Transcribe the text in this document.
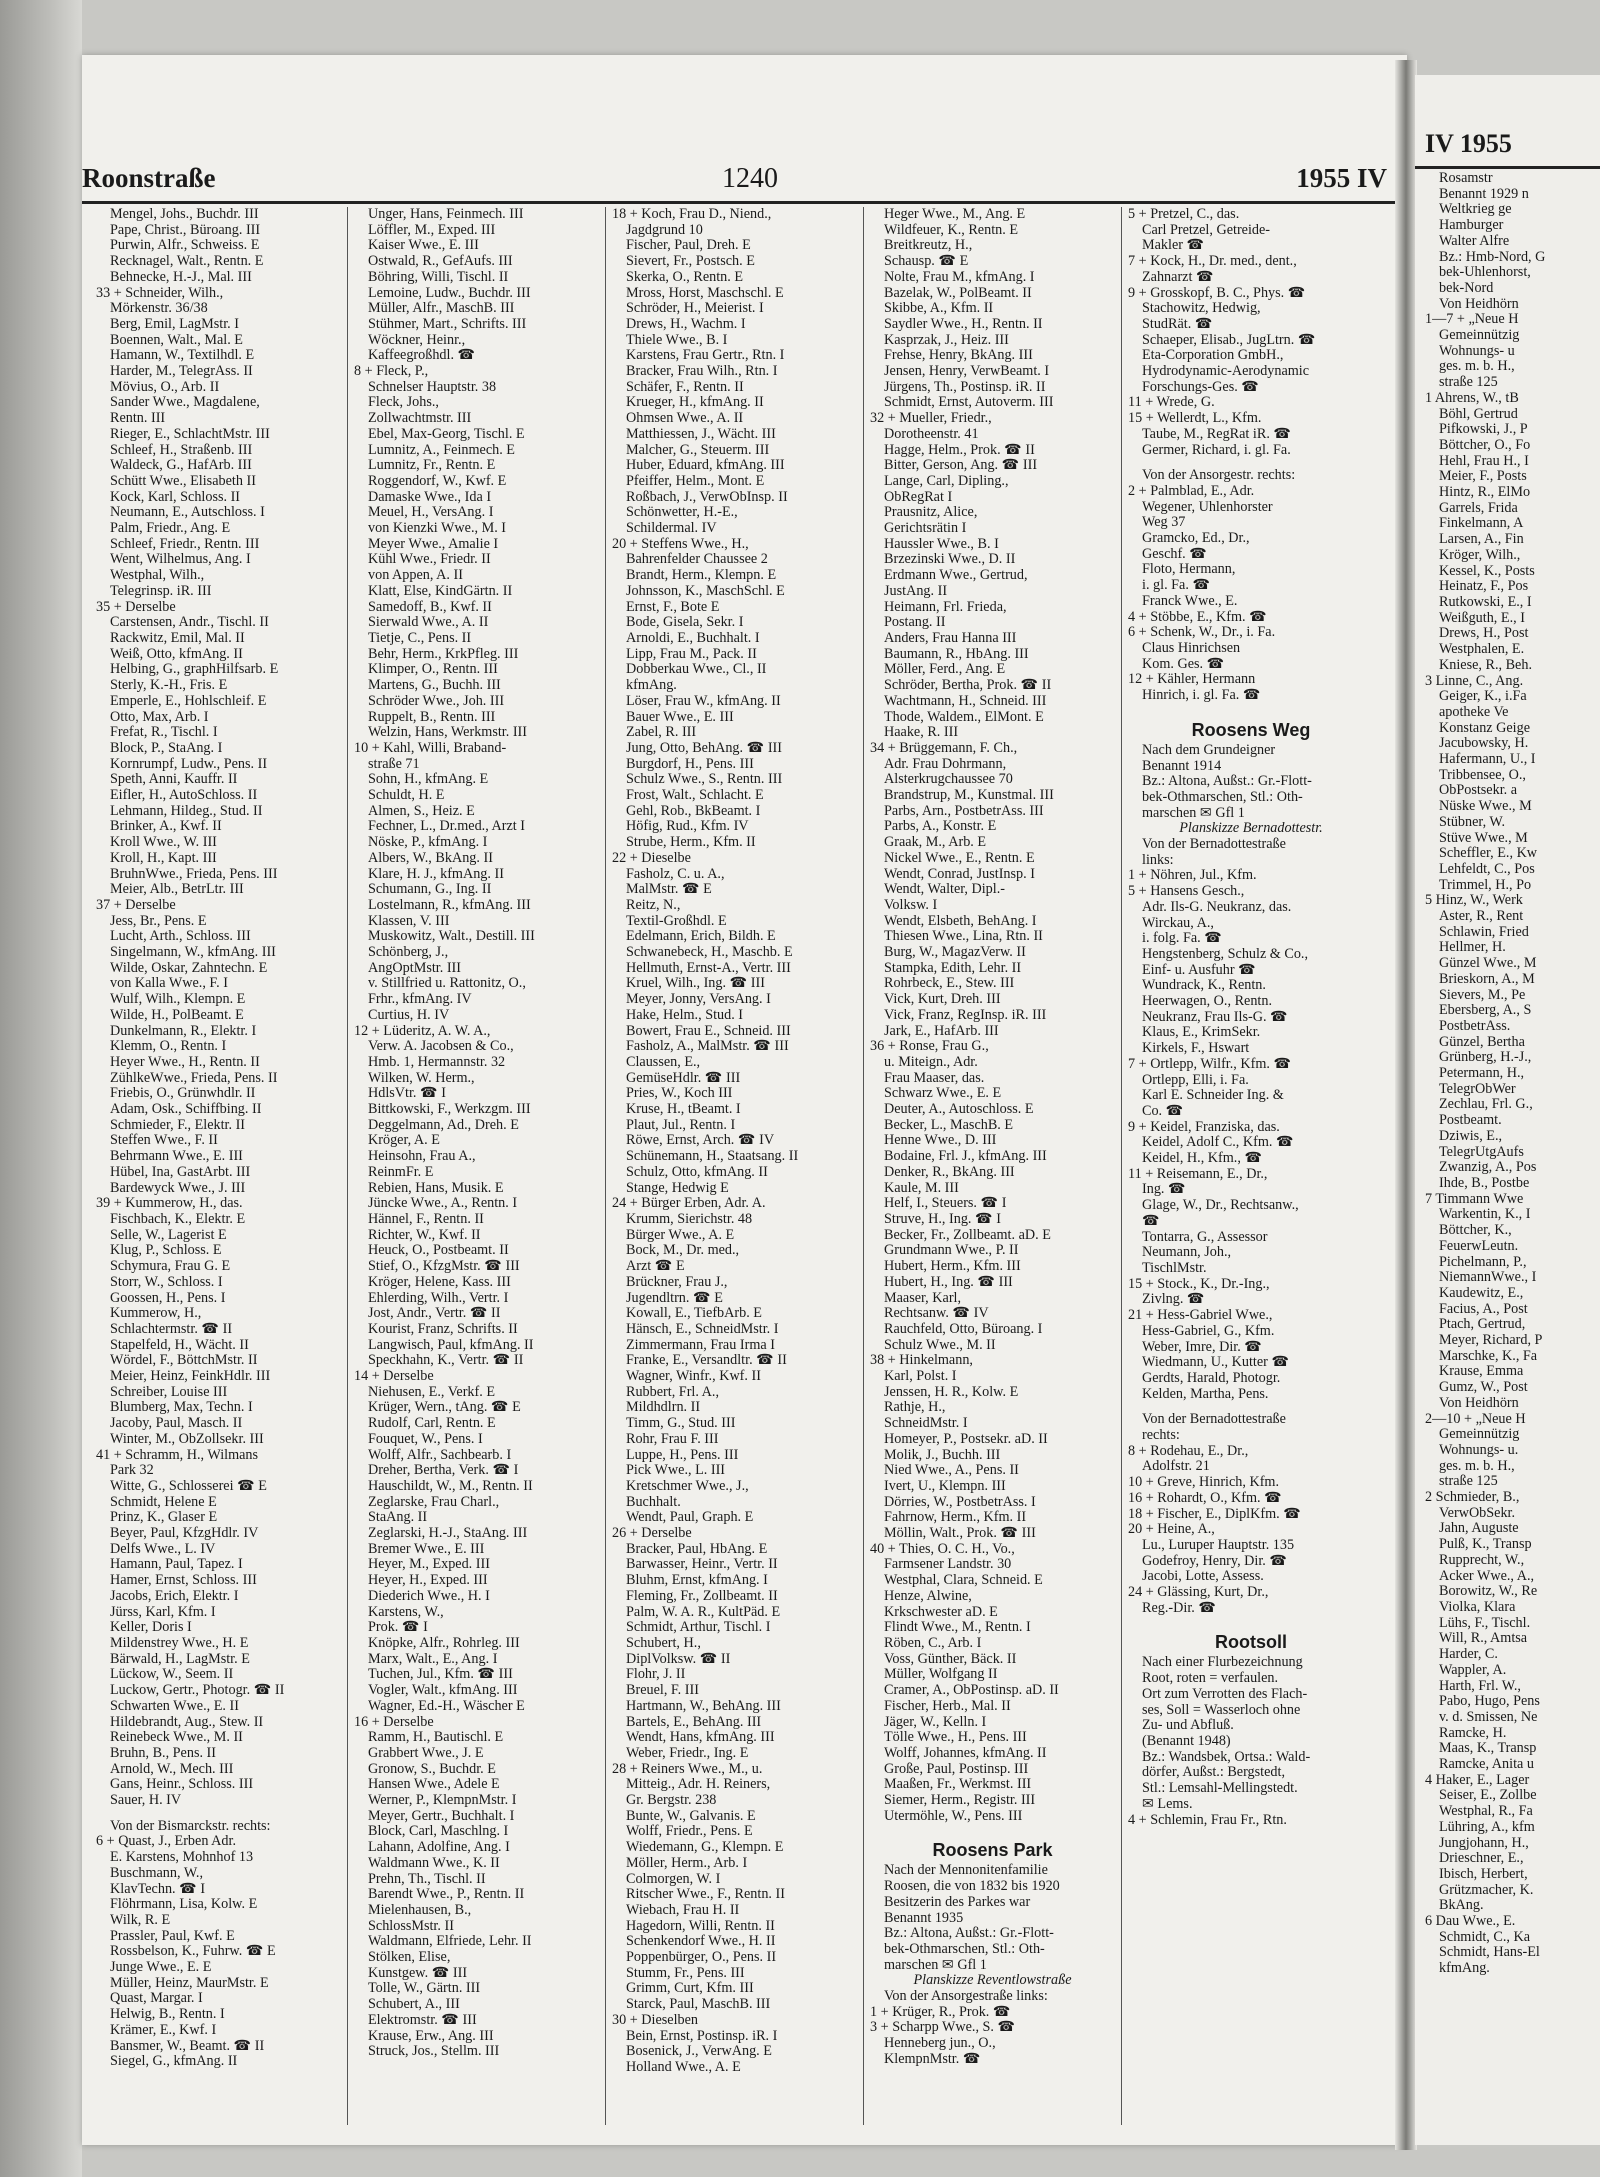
Roonstraße	1240	1955 IV
Mengel, Johs., Buchdr. III
Pape, Christ., Büroang. III
Purwin, Alfr., Schweiss. E
Recknagel, Walt., Rentn. E
Behnecke, H.-J., Mal. III
33 + Schneider, Wilh.,
Mörkenstr. 36/38
Berg, Emil, LagMstr. I
Boennen, Walt., Mal. E
Hamann, W., Textilhdl. E
Harder, M., TelegrAss. II
Mövius, O., Arb. II
Sander Wwe., Magdalene,
Rentn. III
Rieger, E., SchlachtMstr. III
Schleef, H., Straßenb. III
Waldeck, G., HafArb. III
Schütt Wwe., Elisabeth II
Kock, Karl, Schloss. II
Neumann, E., Autschloss. I
Palm, Friedr., Ang. E
Schleef, Friedr., Rentn. III
Went, Wilhelmus, Ang. I
Westphal, Wilh.,
Telegrinsp. iR. III
35 + Derselbe
Carstensen, Andr., Tischl. II
Rackwitz, Emil, Mal. II
Weiß, Otto, kfmAng. II
Helbing, G., graphHilfsarb. E
Sterly, K.-H., Fris. E
Emperle, E., Hohlschleif. E
Otto, Max, Arb. I
Frefat, R., Tischl. I
Block, P., StaAng. I
Kornrumpf, Ludw., Pens. II
Speth, Anni, Kauffr. II
Eifler, H., AutoSchloss. II
Lehmann, Hildeg., Stud. II
Brinker, A., Kwf. II
Kroll Wwe., W. III
Kroll, H., Kapt. III
BruhnWwe., Frieda, Pens. III
Meier, Alb., BetrLtr. III
37 + Derselbe
Jess, Br., Pens. E
Lucht, Arth., Schloss. III
Singelmann, W., kfmAng. III
Wilde, Oskar, Zahntechn. E
von Kalla Wwe., F. I
Wulf, Wilh., Klempn. E
Wilde, H., PolBeamt. E
Dunkelmann, R., Elektr. I
Klemm, O., Rentn. I
Heyer Wwe., H., Rentn. II
ZühlkeWwe., Frieda, Pens. II
Friebis, O., Grünwhdlr. II
Adam, Osk., Schiffbing. II
Schmieder, F., Elektr. II
Steffen Wwe., F. II
Behrmann Wwe., E. III
Hübel, Ina, GastArbt. III
Bardewyck Wwe., J. III
39 + Kummerow, H., das.
Fischbach, K., Elektr. E
Selle, W., Lagerist E
Klug, P., Schloss. E
Schymura, Frau G. E
Storr, W., Schloss. I
Goossen, H., Pens. I
Kummerow, H.,
Schlachtermstr. ☎ II
Stapelfeld, H., Wächt. II
Wördel, F., BöttchMstr. II
Meier, Heinz, FeinkHdlr. III
Schreiber, Louise III
Blumberg, Max, Techn. I
Jacoby, Paul, Masch. II
Winter, M., ObZollsekr. III
41 + Schramm, H., Wilmans
Park 32
Witte, G., Schlosserei ☎ E
Schmidt, Helene E
Prinz, K., Glaser E
Beyer, Paul, KfzgHdlr. IV
Delfs Wwe., L. IV
Hamann, Paul, Tapez. I
Hamer, Ernst, Schloss. III
Jacobs, Erich, Elektr. I
Jürss, Karl, Kfm. I
Keller, Doris I
Mildenstrey Wwe., H. E
Bärwald, H., LagMstr. E
Lückow, W., Seem. II
Luckow, Gertr., Photogr. ☎ II
Schwarten Wwe., E. II
Hildebrandt, Aug., Stew. II
Reinebeck Wwe., M. II
Bruhn, B., Pens. II
Arnold, W., Mech. III
Gans, Heinr., Schloss. III
Sauer, H. IV
Von der Bismarckstr. rechts:
6 + Quast, J., Erben Adr.
E. Karstens, Mohnhof 13
Buschmann, W.,
KlavTechn. ☎ I
Flöhrmann, Lisa, Kolw. E
Wilk, R. E
Prassler, Paul, Kwf. E
Rossbelson, K., Fuhrw. ☎ E
Junge Wwe., E. E
Müller, Heinz, MaurMstr. E
Quast, Margar. I
Helwig, B., Rentn. I
Krämer, E., Kwf. I
Bansmer, W., Beamt. ☎ II
Siegel, G., kfmAng. II
Unger, Hans, Feinmech. III
Löffler, M., Exped. III
Kaiser Wwe., E. III
Ostwald, R., GefAufs. III
Böhring, Willi, Tischl. II
Lemoine, Ludw., Buchdr. III
Müller, Alfr., MaschB. III
Stühmer, Mart., Schrifts. III
Wöckner, Heinr.,
Kaffeegroßhdl. ☎
8 + Fleck, P.,
Schnelser Hauptstr. 38
Fleck, Johs.,
Zollwachtmstr. III
Ebel, Max-Georg, Tischl. E
Lumnitz, A., Feinmech. E
Lumnitz, Fr., Rentn. E
Roggendorf, W., Kwf. E
Damaske Wwe., Ida I
Meuel, H., VersAng. I
von Kienzki Wwe., M. I
Meyer Wwe., Amalie I
Kühl Wwe., Friedr. II
von Appen, A. II
Klatt, Else, KindGärtn. II
Samedoff, B., Kwf. II
Sierwald Wwe., A. II
Tietje, C., Pens. II
Behr, Herm., KrkPfleg. III
Klimper, O., Rentn. III
Martens, G., Buchh. III
Schröder Wwe., Joh. III
Ruppelt, B., Rentn. III
Welzin, Hans, Werkmstr. III
10 + Kahl, Willi, Braband-
straße 71
Sohn, H., kfmAng. E
Schuldt, H. E
Almen, S., Heiz. E
Fechner, L., Dr.med., Arzt I
Nöske, P., kfmAng. I
Albers, W., BkAng. II
Klare, H. J., kfmAng. II
Schumann, G., Ing. II
Lostelmann, R., kfmAng. III
Klassen, V. III
Muskowitz, Walt., Destill. III
Schönberg, J.,
AngOptMstr. III
v. Stillfried u. Rattonitz, O.,
Frhr., kfmAng. IV
Curtius, H. IV
12 + Lüderitz, A. W. A.,
Verw. A. Jacobsen & Co.,
Hmb. 1, Hermannstr. 32
Wilken, W. Herm.,
HdlsVtr. ☎ I
Bittkowski, F., Werkzgm. III
Deggelmann, Ad., Dreh. E
Kröger, A. E
Heinsohn, Frau A.,
ReinmFr. E
Rebien, Hans, Musik. E
Jüncke Wwe., A., Rentn. I
Hännel, F., Rentn. II
Richter, W., Kwf. II
Heuck, O., Postbeamt. II
Stief, O., KfzgMstr. ☎ III
Kröger, Helene, Kass. III
Ehlerding, Wilh., Vertr. I
Jost, Andr., Vertr. ☎ II
Kourist, Franz, Schrifts. II
Langwisch, Paul, kfmAng. II
Speckhahn, K., Vertr. ☎ II
14 + Derselbe
Niehusen, E., Verkf. E
Krüger, Wern., tAng. ☎ E
Rudolf, Carl, Rentn. E
Fouquet, W., Pens. I
Wolff, Alfr., Sachbearb. I
Dreher, Bertha, Verk. ☎ I
Hauschildt, W., M., Rentn. II
Zeglarske, Frau Charl.,
StaAng. II
Zeglarski, H.-J., StaAng. III
Bremer Wwe., E. III
Heyer, M., Exped. III
Heyer, H., Exped. III
Diederich Wwe., H. I
Karstens, W.,
Prok. ☎ I
Knöpke, Alfr., Rohrleg. III
Marx, Walt., E., Ang. I
Tuchen, Jul., Kfm. ☎ III
Vogler, Walt., kfmAng. III
Wagner, Ed.-H., Wäscher E
16 + Derselbe
Ramm, H., Bautischl. E
Grabbert Wwe., J. E
Gronow, S., Buchdr. E
Hansen Wwe., Adele E
Werner, P., KlempnMstr. I
Meyer, Gertr., Buchhalt. I
Block, Carl, Maschlng. I
Lahann, Adolfine, Ang. I
Waldmann Wwe., K. II
Prehn, Th., Tischl. II
Barendt Wwe., P., Rentn. II
Mielenhausen, B.,
SchlossMstr. II
Waldmann, Elfriede, Lehr. II
Stölken, Elise,
Kunstgew. ☎ III
Tolle, W., Gärtn. III
Schubert, A., III
Elektromstr. ☎ III
Krause, Erw., Ang. III
Struck, Jos., Stellm. III
18 + Koch, Frau D., Niend.,
Jagdgrund 10
Fischer, Paul, Dreh. E
Sievert, Fr., Postsch. E
Skerka, O., Rentn. E
Mross, Horst, Maschschl. E
Schröder, H., Meierist. I
Drews, H., Wachm. I
Thiele Wwe., B. I
Karstens, Frau Gertr., Rtn. I
Bracker, Frau Wilh., Rtn. I
Schäfer, F., Rentn. II
Krueger, H., kfmAng. II
Ohmsen Wwe., A. II
Matthiessen, J., Wächt. III
Malcher, G., Steuerm. III
Huber, Eduard, kfmAng. III
Pfeiffer, Helm., Mont. E
Roßbach, J., VerwObInsp. II
Schönwetter, H.-E.,
Schildermal. IV
20 + Steffens Wwe., H.,
Bahrenfelder Chaussee 2
Brandt, Herm., Klempn. E
Johnsson, K., MaschSchl. E
Ernst, F., Bote E
Bode, Gisela, Sekr. I
Arnoldi, E., Buchhalt. I
Lipp, Frau M., Pack. II
Dobberkau Wwe., Cl., II
kfmAng.
Löser, Frau W., kfmAng. II
Bauer Wwe., E. III
Zabel, R. III
Jung, Otto, BehAng. ☎ III
Burgdorf, H., Pens. III
Schulz Wwe., S., Rentn. III
Frost, Walt., Schlacht. E
Gehl, Rob., BkBeamt. I
Höfig, Rud., Kfm. IV
Strube, Herm., Kfm. II
22 + Dieselbe
Fasholz, C. u. A.,
MalMstr. ☎ E
Reitz, N.,
Textil-Großhdl. E
Edelmann, Erich, Bildh. E
Schwanebeck, H., Maschb. E
Hellmuth, Ernst-A., Vertr. III
Kruel, Wilh., Ing. ☎ III
Meyer, Jonny, VersAng. I
Hake, Helm., Stud. I
Bowert, Frau E., Schneid. III
Fasholz, A., MalMstr. ☎ III
Claussen, E.,
GemüseHdlr. ☎ III
Pries, W., Koch III
Kruse, H., tBeamt. I
Plaut, Jul., Rentn. I
Röwe, Ernst, Arch. ☎ IV
Schünemann, H., Staatsang. II
Schulz, Otto, kfmAng. II
Stange, Hedwig E
24 + Bürger Erben, Adr. A.
Krumm, Sierichstr. 48
Bürger Wwe., A. E
Bock, M., Dr. med.,
Arzt ☎ E
Brückner, Frau J.,
Jugendltrn. ☎ E
Kowall, E., TiefbArb. E
Hänsch, E., SchneidMstr. I
Zimmermann, Frau Irma I
Franke, E., Versandltr. ☎ II
Wagner, Winfr., Kwf. II
Rubbert, Frl. A.,
Mildhdlrn. II
Timm, G., Stud. III
Rohr, Frau F. III
Luppe, H., Pens. III
Pick Wwe., L. III
Kretschmer Wwe., J.,
Buchhalt.
Wendt, Paul, Graph. E
26 + Derselbe
Bracker, Paul, HbAng. E
Barwasser, Heinr., Vertr. II
Bluhm, Ernst, kfmAng. I
Fleming, Fr., Zollbeamt. II
Palm, W. A. R., KultPäd. E
Schmidt, Arthur, Tischl. I
Schubert, H.,
DiplVolksw. ☎ II
Flohr, J. II
Breuel, F. III
Hartmann, W., BehAng. III
Bartels, E., BehAng. III
Wendt, Hans, kfmAng. III
Weber, Friedr., Ing. E
28 + Reiners Wwe., M., u.
Mitteig., Adr. H. Reiners,
Gr. Bergstr. 238
Bunte, W., Galvanis. E
Wolff, Friedr., Pens. E
Wiedemann, G., Klempn. E
Möller, Herm., Arb. I
Colmorgen, W. I
Ritscher Wwe., F., Rentn. II
Wiebach, Frau H. II
Hagedorn, Willi, Rentn. II
Schenkendorf Wwe., H. II
Poppenbürger, O., Pens. II
Stumm, Fr., Pens. III
Grimm, Curt, Kfm. III
Starck, Paul, MaschB. III
30 + Dieselben
Bein, Ernst, Postinsp. iR. I
Bosenick, J., VerwAng. E
Holland Wwe., A. E
Heger Wwe., M., Ang. E
Wildfeuer, K., Rentn. E
Breitkreutz, H.,
Schausp. ☎ E
Nolte, Frau M., kfmAng. I
Bazelak, W., PolBeamt. II
Skibbe, A., Kfm. II
Saydler Wwe., H., Rentn. II
Kasprzak, J., Heiz. III
Frehse, Henry, BkAng. III
Jensen, Henry, VerwBeamt. I
Jürgens, Th., Postinsp. iR. II
Schmidt, Ernst, Autoverm. III
32 + Mueller, Friedr.,
Dorotheenstr. 41
Hagge, Helm., Prok. ☎ II
Bitter, Gerson, Ang. ☎ III
Lange, Carl, Dipling.,
ObRegRat I
Prausnitz, Alice,
Gerichtsrätin I
Haussler Wwe., B. I
Brzezinski Wwe., D. II
Erdmann Wwe., Gertrud,
JustAng. II
Heimann, Frl. Frieda,
Postang. II
Anders, Frau Hanna III
Baumann, R., HbAng. III
Möller, Ferd., Ang. E
Schröder, Bertha, Prok. ☎ II
Wachtmann, H., Schneid. III
Thode, Waldem., ElMont. E
Haake, R. III
34 + Brüggemann, F. Ch.,
Adr. Frau Dohrmann,
Alsterkrugchaussee 70
Brandstrup, M., Kunstmal. III
Parbs, Arn., PostbetrAss. III
Parbs, A., Konstr. E
Graak, M., Arb. E
Nickel Wwe., E., Rentn. E
Wendt, Conrad, JustInsp. I
Wendt, Walter, Dipl.-
Volksw. I
Wendt, Elsbeth, BehAng. I
Thiesen Wwe., Lina, Rtn. II
Burg, W., MagazVerw. II
Stampka, Edith, Lehr. II
Rohrbeck, E., Stew. III
Vick, Kurt, Dreh. III
Vick, Franz, RegInsp. iR. III
Jark, E., HafArb. III
36 + Ronse, Frau G.,
u. Miteign., Adr.
Frau Maaser, das.
Schwarz Wwe., E. E
Deuter, A., Autoschloss. E
Becker, L., MaschB. E
Henne Wwe., D. III
Bodaine, Frl. J., kfmAng. III
Denker, R., BkAng. III
Kaule, M. III
Helf, I., Steuers. ☎ I
Struve, H., Ing. ☎ I
Becker, Fr., Zollbeamt. aD. E
Grundmann Wwe., P. II
Hubert, Herm., Kfm. III
Hubert, H., Ing. ☎ III
Maaser, Karl,
Rechtsanw. ☎ IV
Rauchfeld, Otto, Büroang. I
Schulz Wwe., M. II
38 + Hinkelmann,
Karl, Polst. I
Jenssen, H. R., Kolw. E
Rathje, H.,
SchneidMstr. I
Homeyer, P., Postsekr. aD. II
Molik, J., Buchh. III
Nied Wwe., A., Pens. II
Ivert, U., Klempn. III
Dörries, W., PostbetrAss. I
Fahrnow, Herm., Kfm. II
Möllin, Walt., Prok. ☎ III
40 + Thies, O. C. H., Vo.,
Farmsener Landstr. 30
Westphal, Clara, Schneid. E
Henze, Alwine,
Krkschwester aD. E
Flindt Wwe., M., Rentn. I
Röben, C., Arb. I
Voss, Günther, Bäck. II
Müller, Wolfgang II
Cramer, A., ObPostinsp. aD. II
Fischer, Herb., Mal. II
Jäger, W., Kelln. I
Tölle Wwe., H., Pens. III
Wolff, Johannes, kfmAng. II
Große, Paul, Postinsp. III
Maaßen, Fr., Werkmst. III
Siemer, Herm., Registr. III
Utermöhle, W., Pens. III
Roosens Park
Nach der Mennonitenfamilie
Roosen, die von 1832 bis 1920
Besitzerin des Parkes war
Benannt 1935
Bz.: Altona, Außst.: Gr.-Flott-
bek-Othmarschen, Stl.: Oth-
marschen ✉ Gfl 1
Planskizze Reventlowstraße
Von der Ansorgestraße links:
1 + Krüger, R., Prok. ☎
3 + Scharpp Wwe., S. ☎
Henneberg jun., O.,
KlempnMstr. ☎
5 + Pretzel, C., das.
Carl Pretzel, Getreide-
Makler ☎
7 + Kock, H., Dr. med., dent.,
Zahnarzt ☎
9 + Grosskopf, B. C., Phys. ☎
Stachowitz, Hedwig,
StudRät. ☎
Schaeper, Elisab., JugLtrn. ☎
Eta-Corporation GmbH.,
Hydrodynamic-Aerodynamic
Forschungs-Ges. ☎
11 + Wrede, G.
15 + Wellerdt, L., Kfm.
Taube, M., RegRat iR. ☎
Germer, Richard, i. gl. Fa.
Von der Ansorgestr. rechts:
2 + Palmblad, E., Adr.
Wegener, Uhlenhorster
Weg 37
Gramcko, Ed., Dr.,
Geschf. ☎
Floto, Hermann,
i. gl. Fa. ☎
Franck Wwe., E.
4 + Stöbbe, E., Kfm. ☎
6 + Schenk, W., Dr., i. Fa.
Claus Hinrichsen
Kom. Ges. ☎
12 + Kähler, Hermann
Hinrich, i. gl. Fa. ☎
Roosens Weg
Nach dem Grundeigner
Benannt 1914
Bz.: Altona, Außst.: Gr.-Flott-
bek-Othmarschen, Stl.: Oth-
marschen ✉ Gfl 1
Planskizze Bernadottestr.
Von der Bernadottestraße
links:
1 + Nöhren, Jul., Kfm.
5 + Hansens Gesch.,
Adr. Ils-G. Neukranz, das.
Wirckau, A.,
i. folg. Fa. ☎
Hengstenberg, Schulz & Co.,
Einf- u. Ausfuhr ☎
Wundrack, K., Rentn.
Heerwagen, O., Rentn.
Neukranz, Frau Ils-G. ☎
Klaus, E., KrimSekr.
Kirkels, F., Hswart
7 + Ortlepp, Wilfr., Kfm. ☎
Ortlepp, Elli, i. Fa.
Karl E. Schneider Ing. &
Co. ☎
9 + Keidel, Franziska, das.
Keidel, Adolf C., Kfm. ☎
Keidel, H., Kfm., ☎
11 + Reisemann, E., Dr.,
Ing. ☎
Glage, W., Dr., Rechtsanw.,
☎
Tontarra, G., Assessor
Neumann, Joh.,
TischlMstr.
15 + Stock., K., Dr.-Ing.,
Zivlng. ☎
21 + Hess-Gabriel Wwe.,
Hess-Gabriel, G., Kfm.
Weber, Imre, Dir. ☎
Wiedmann, U., Kutter ☎
Gerdts, Harald, Photogr.
Kelden, Martha, Pens.
Von der Bernadottestraße
rechts:
8 + Rodehau, E., Dr.,
Adolfstr. 21
10 + Greve, Hinrich, Kfm.
16 + Rohardt, O., Kfm. ☎
18 + Fischer, E., DiplKfm. ☎
20 + Heine, A.,
Lu., Luruper Hauptstr. 135
Godefroy, Henry, Dir. ☎
Jacobi, Lotte, Assess.
24 + Glässing, Kurt, Dr.,
Reg.-Dir. ☎
Rootsoll
Nach einer Flurbezeichnung
Root, roten = verfaulen.
Ort zum Verrotten des Flach-
ses, Soll = Wasserloch ohne
Zu- und Abfluß.
(Benannt 1948)
Bz.: Wandsbek, Ortsa.: Wald-
dörfer, Außst.: Bergstedt,
Stl.: Lemsahl-Mellingstedt.
✉ Lems.
4 + Schlemin, Frau Fr., Rtn.
IV 1955
Rosamstr
Benannt 1929 n
Weltkrieg ge
Hamburger
Walter Alfre
Bz.: Hmb-Nord, G
bek-Uhlenhorst,
bek-Nord
Von Heidhörn
1—7 + „Neue H
Gemeinnützig
Wohnungs- u
ges. m. b. H.,
straße 125
1 Ahrens, W., tB
Böhl, Gertrud
Pifkowski, J., P
Böttcher, O., Fo
Hehl, Frau H., I
Meier, F., Posts
Hintz, R., ElMo
Garrels, Frida
Finkelmann, A
Larsen, A., Fin
Kröger, Wilh.,
Kessel, K., Posts
Heinatz, F., Pos
Rutkowski, E., I
Weißguth, E., I
Drews, H., Post
Westphalen, E.
Kniese, R., Beh.
3 Linne, C., Ang.
Geiger, K., i.Fa
apotheke Ve
Konstanz Geige
Jacubowsky, H.
Hafermann, U., I
Tribbensee, O.,
ObPostsekr. a
Nüske Wwe., M
Stübner, W.
Stüve Wwe., M
Scheffler, E., Kw
Lehfeldt, C., Pos
Trimmel, H., Po
5 Hinz, W., Werk
Aster, R., Rent
Schlawin, Fried
Hellmer, H.
Günzel Wwe., M
Brieskorn, A., M
Sievers, M., Pe
Ebersberg, A., S
PostbetrAss.
Günzel, Bertha
Grünberg, H.-J.,
Petermann, H.,
TelegrObWer
Zechlau, Frl. G.,
Postbeamt.
Dziwis, E.,
TelegrUtgAufs
Zwanzig, A., Pos
Ihde, B., Postbe
7 Timmann Wwe
Warkentin, K., I
Böttcher, K.,
FeuerwLeutn.
Pichelmann, P.,
NiemannWwe., I
Kaudewitz, E.,
Facius, A., Post
Ptach, Gertrud,
Meyer, Richard, P
Marschke, K., Fa
Krause, Emma
Gumz, W., Post
Von Heidhörn
2—10 + „Neue H
Gemeinnützig
Wohnungs- u.
ges. m. b. H.,
straße 125
2 Schmieder, B.,
VerwObSekr.
Jahn, Auguste
Pulß, K., Transp
Rupprecht, W.,
Acker Wwe., A.,
Borowitz, W., Re
Violka, Klara
Lühs, F., Tischl.
Will, R., Amtsa
Harder, C.
Wappler, A.
Harth, Frl. W.,
Pabo, Hugo, Pens
v. d. Smissen, Ne
Ramcke, H.
Maas, K., Transp
Ramcke, Anita u
4 Haker, E., Lager
Seiser, E., Zollbe
Westphal, R., Fa
Lühring, A., kfm
Jungjohann, H.,
Drieschner, E.,
Ibisch, Herbert,
Grützmacher, K.
BkAng.
6 Dau Wwe., E.
Schmidt, C., Ka
Schmidt, Hans-El
kfmAng.
